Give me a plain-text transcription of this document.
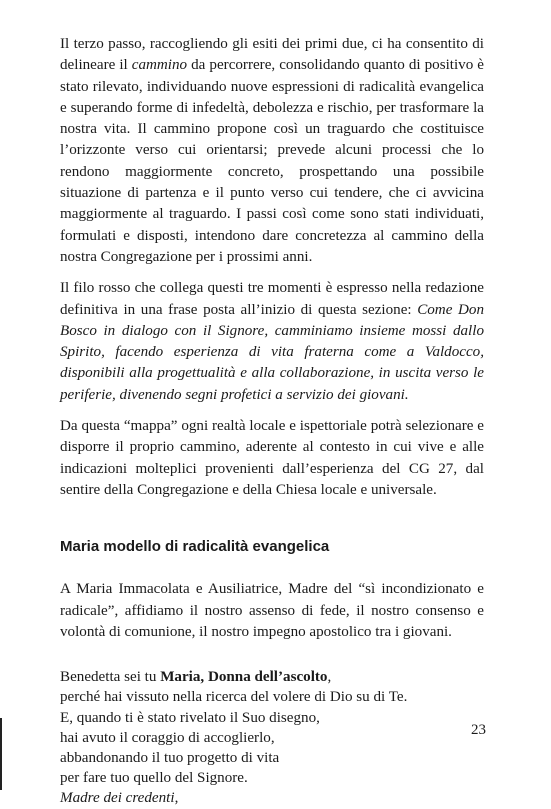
Il terzo passo, raccogliendo gli esiti dei primi due, ci ha consentito di delineare il cammino da percorrere, consolidando quanto di positivo è stato rilevato, individuando nuove espressioni di radicalità evangelica e superando forme di infedeltà, debolezza e rischio, per trasformare la nostra vita. Il cammino propone così un traguardo che costituisce l’orizzonte verso cui orientarsi; prevede alcuni processi che lo rendono maggiormente concreto, prospettando una possibile situazione di partenza e il punto verso cui tendere, che ci avvicina maggiormente al traguardo. I passi così come sono stati individuati, formulati e disposti, intendono dare concretezza al cammino della nostra Congregazione per i prossimi anni.

Il filo rosso che collega questi tre momenti è espresso nella redazione definitiva in una frase posta all’inizio di questa sezione: Come Don Bosco in dialogo con il Signore, camminiamo insieme mossi dallo Spirito, facendo esperienza di vita fraterna come a Valdocco, disponibili alla progettualità e alla collaborazione, in uscita verso le periferie, divenendo segni profetici a servizio dei giovani.

Da questa “mappa” ogni realtà locale e ispettoriale potrà selezionare e disporre il proprio cammino, aderente al contesto in cui vive e alle indicazioni molteplici provenienti dall’esperienza del CG 27, dal sentire della Congregazione e della Chiesa locale e universale.

Maria modello di radicalità evangelica

A Maria Immacolata e Ausiliatrice, Madre del “sì incondizionato e radicale”, affidiamo il nostro assenso di fede, il nostro consenso e volontà di comunione, il nostro impegno apostolico tra i giovani.

Benedetta sei tu Maria, Donna dell’ascolto,
perché hai vissuto nella ricerca del volere di Dio su di Te.
E, quando ti è stato rivelato il Suo disegno,
hai avuto il coraggio di accoglierlo,
abbandonando il tuo progetto di vita
per fare tuo quello del Signore.
Madre dei credenti,
23
